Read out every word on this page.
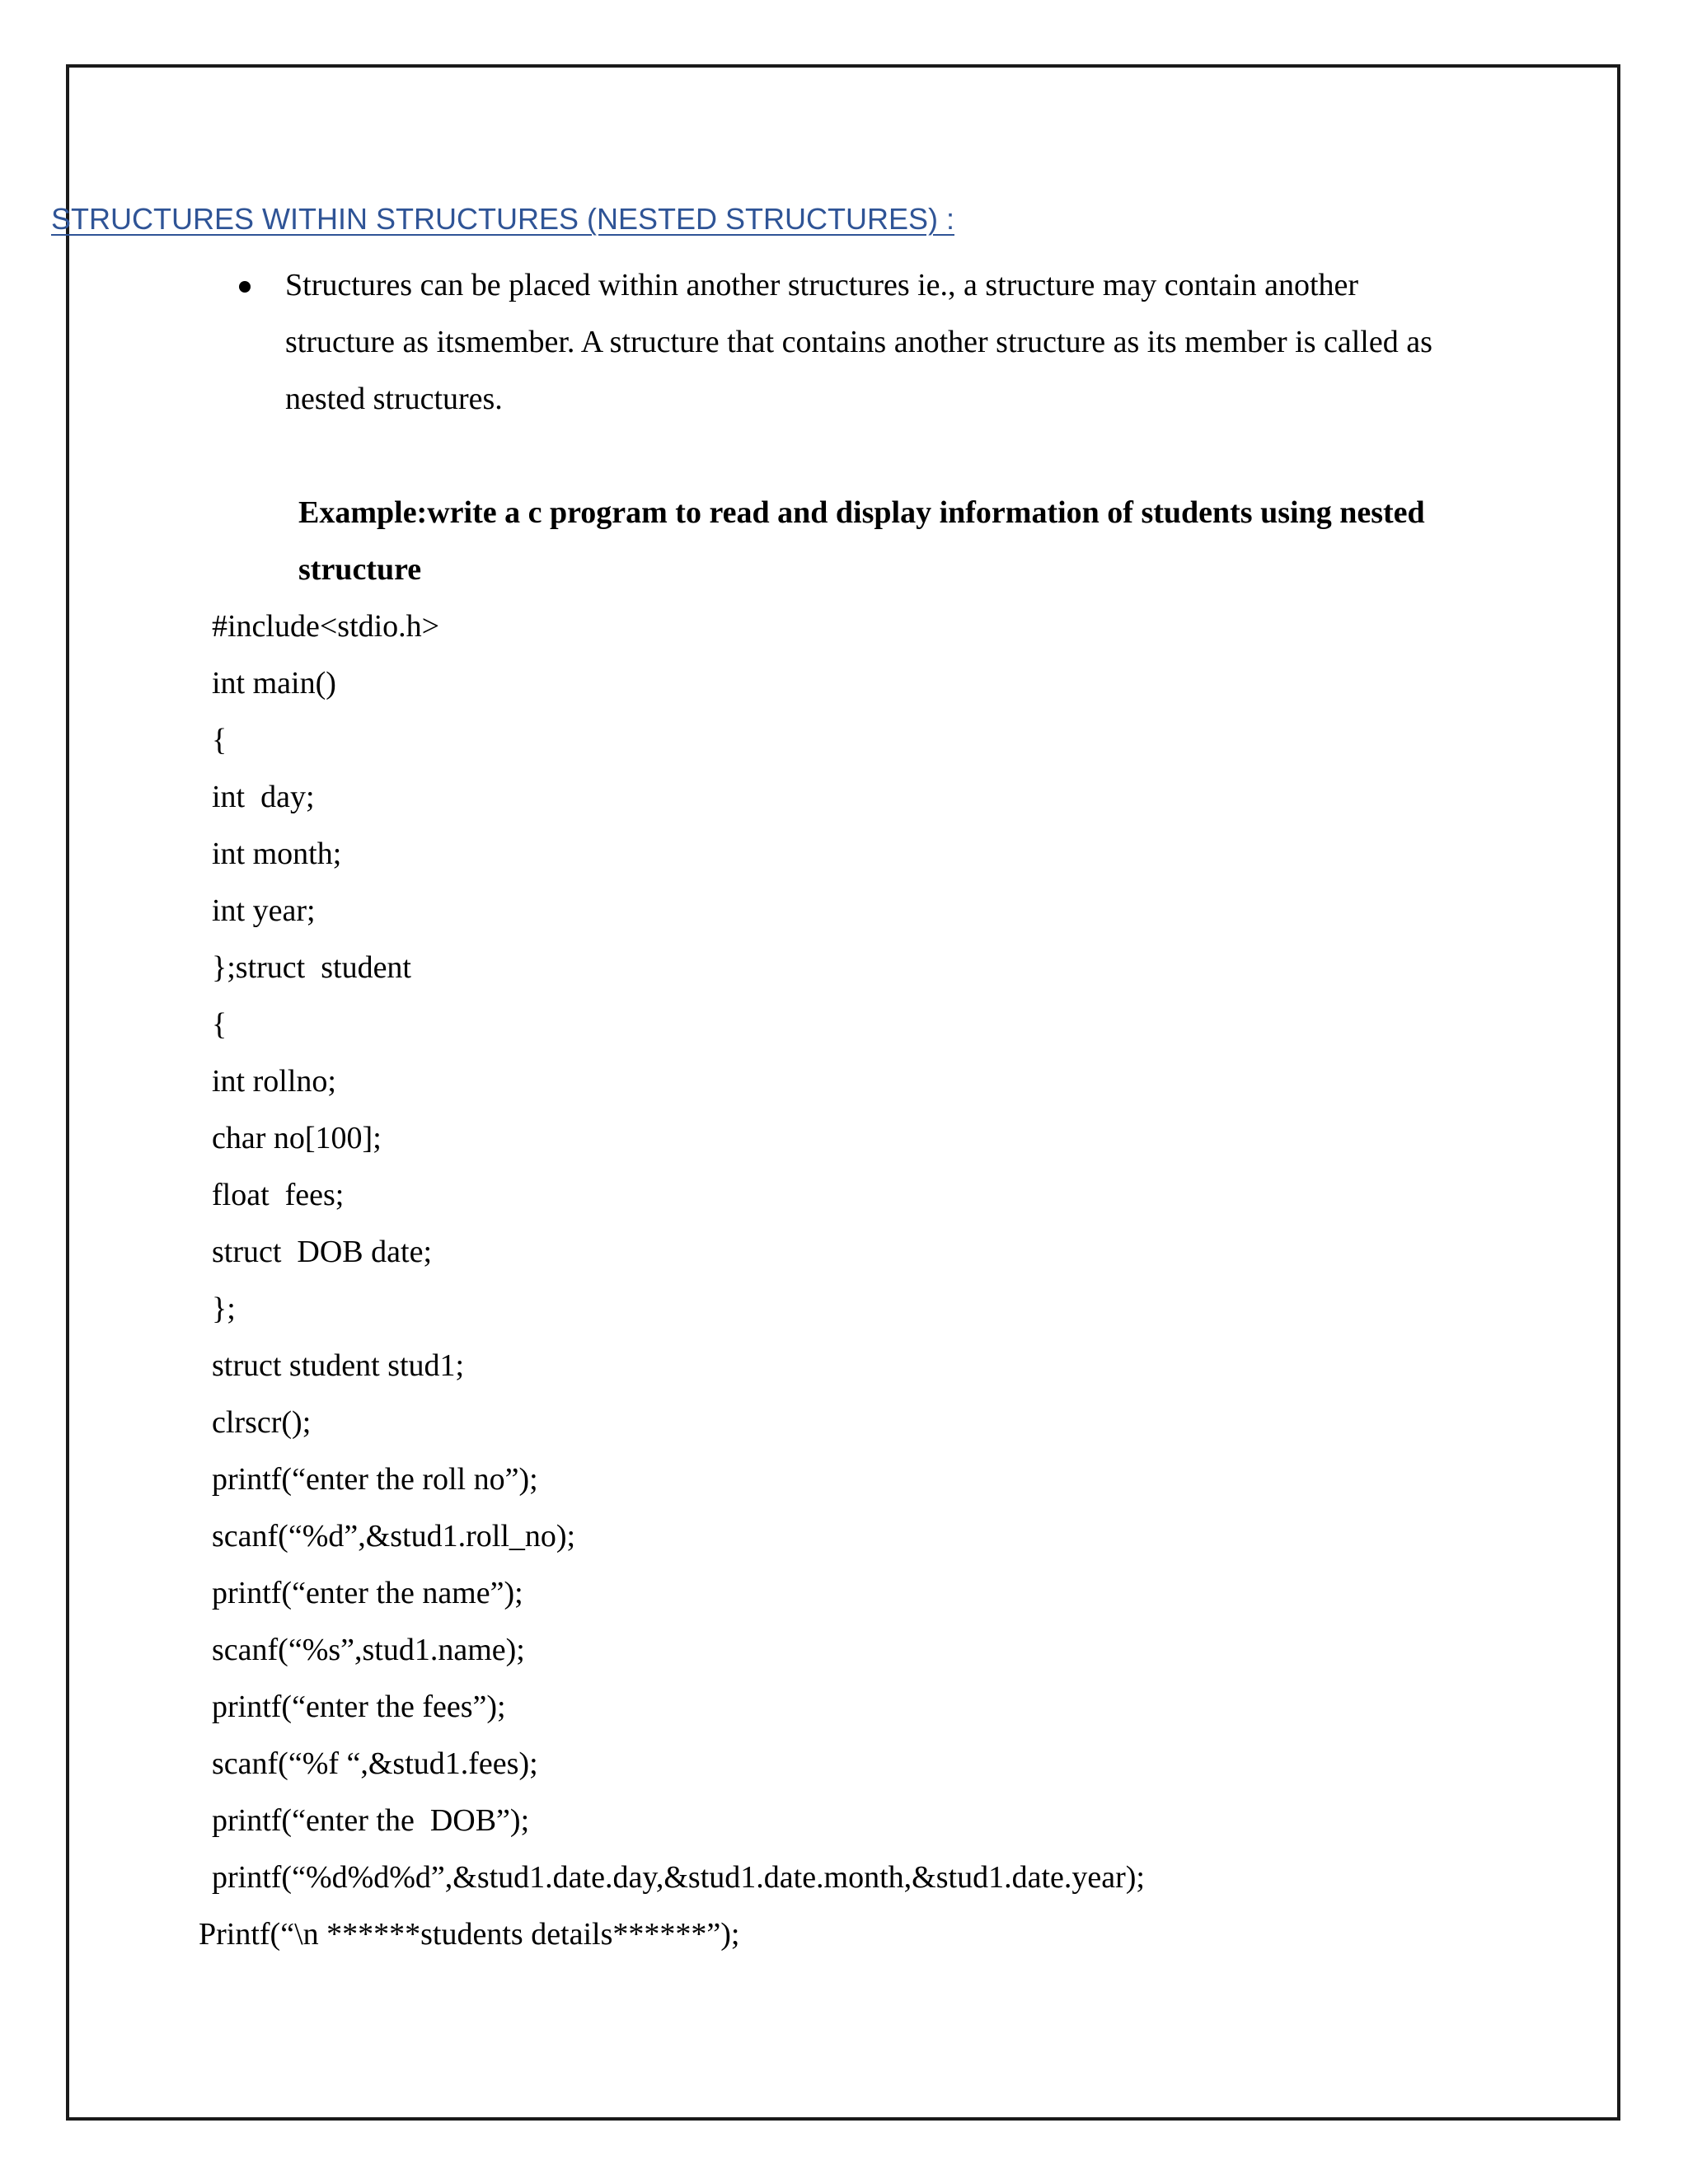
STRUCTURES WITHIN STRUCTURES (NESTED STRUCTURES) :

Structures can be placed within another structures ie., a structure may contain another structure as itsmember. A structure that contains another structure as its member is called as nested structures.

Example:write a c program to read and display information of students using nested structure

#include<stdio.h>
int main()
{
int  day;
int month;
int year;
};struct  student
{
int rollno;
char no[100];
float  fees;
struct  DOB date;
};
struct student stud1;
clrscr();
printf(“enter the roll no”);
scanf(“%d”,&stud1.roll_no);
printf(“enter the name”);
scanf(“%s”,stud1.name);
printf(“enter the fees”);
scanf(“%f “,&stud1.fees);
printf(“enter the  DOB”);
printf(“%d%d%d”,&stud1.date.day,&stud1.date.month,&stud1.date.year);
Printf(“\n ******students details******”);
